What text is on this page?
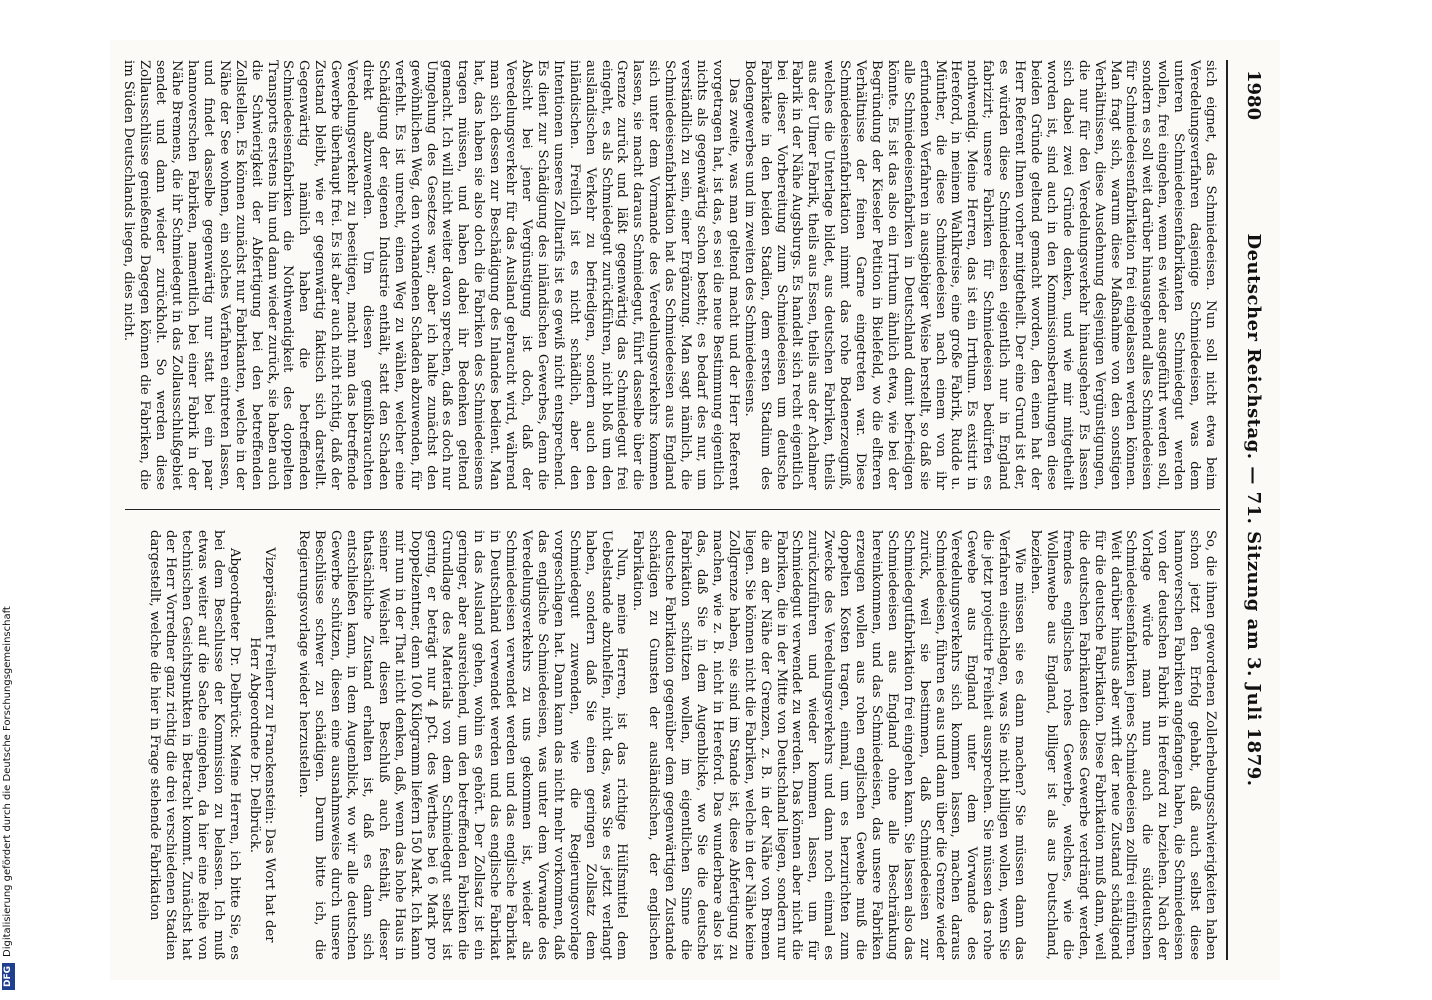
1980
Deutscher Reichstag. — 71. Sitzung am 3. Juli 1879.

sich eignet, das Schmiedeeisen. Nun soll nicht etwa beim Veredelungsverfahren dasjenige Schmiedeeisen, was dem unteren Schmiedeeisenfabrikanten Schmiedegut werden wollen, frei eingehen, wenn es wieder ausgeführt werden soll, sondern es soll weit darüber hinausgehend alles Schmiedeeisen für Schmiedeeisenfabrikation frei eingelassen werden können. Man fragt sich, warum diese Maßnahme von den sonstigen Verhältnissen, diese Ausdehnung desjenigen Vergünstigungen, die nur für den Veredelungsverkehr hinausgehen? Es lassen sich dabei zwei Gründe denken, und wie mir mitgetheilt worden ist, sind auch in den Kommissionsberathungen diese beiden Gründe geltend gemacht worden, den einen hat der Herr Referent Ihnen vorher mitgetheilt. Der eine Grund ist der, es würden diese Schmiedeeisen eigentlich nur in England fabrizirt; unsere Fabriken für Schmiedeeisen bedürfen es nothwendig. Meine Herren, das ist ein Irrthum. Es existirt in Hereford, in meinem Wahlkreise, eine große Fabrik, Rudde u. Münther, die diese Schmiedeeisen nach einem von ihr erfundenen Verfahren in ausgiebiger Weise herstellt, so daß sie alle Schmiedeeisenfabriken in Deutschland damit befriedigen könnte. Es ist das also ein Irrthum ähnlich etwa, wie bei der Begründung der Kieseler Petition in Bielefeld, wo die elfteren Verhältnisse der feinen Garne eingetreten war. Diese Schmiedeeisenfabrikation nimmt das rohe Bodenerzeugniß, welches die Unterlage bildet, aus deutschen Fabriken, theils aus der Ulmer Fabrik, theils aus Essen, theils aus der Achalmer Fabrik in der Nähe Augsburgs. Es handelt sich recht eigentlich bei dieser Vorbereitung zum Schmiedeeisen um deutsche Fabrikate in den beiden Stadien, dem ersten Stadium des Bodengewerbes und im zweiten des Schmiedeeisens.

Das zweite, was man geltend macht und der Herr Referent vorgetragen hat, ist das, es sei die neue Bestimmung eigentlich nichts als gegenwärtig schon besteht; es bedarf des nur, um verständlich zu sein, einer Ergänzung. Man sagt nämlich, die Schmiedeeisenfabrikation hat das Schmiedeeisen aus England sich unter dem Vormande des Veredelungsverkehrs kommen lassen, sie macht daraus Schmiedegut, führt dasselbe über die Grenze zurück und läßt gegenwärtig das Schmiedegut frei eingeht, es als Schmiedegut zurückführen, nicht bloß um den ausländischen Verkehr zu befriedigen, sondern auch den inländischen. Freilich ist es nicht schädlich, aber den Intentionen unseres Zolltarifs ist es gewiß nicht entsprechend. Es dient zur Schädigung des inländischen Gewerbes, denn die Absicht bei jener Vergünstigung ist doch, daß der Veredelungsverkehr für das Ausland gebraucht wird, während man sich dessen zur Beschädigung des Inlandes bedient. Man hat, das haben sie also doch die Fabriken des Schmiedeeisens tragen müssen, und haben dabei ihr Bedenken geltend gemacht. Ich will nicht weiter davon sprechen, daß es doch nur Umgehung des Gesetzes war; aber ich halte zunächst den gewöhnlichen Weg, den vorhandenen Schaden abzuwenden, für verfehlt. Es ist unrecht, einen Weg zu wählen, welcher eine Schädigung der eigenen Industrie enthält, statt den Schaden direkt abzuwenden. Um diesen gemißbrauchten Veredelungsverkehr zu beseitigen, macht man das betreffende Gewerbe überhaupt frei. Es ist aber auch nicht richtig, daß der Zustand bleibt, wie er gegenwärtig faktisch sich darstellt. Gegenwärtig nämlich haben die betreffenden Schmiedeeisenfabriken die Nothwendigkeit des doppelten Transports erstens hin und dann wieder zurück, sie haben auch die Schwierigkeit der Abfertigung bei den betreffenden Zollstellen. Es können zunächst nur Fabrikanten, welche in der Nähe der See wohnen, ein solches Verfahren eintreten lassen, und findet dasselbe gegenwärtig nur statt bei ein paar hannoverschen Fabriken, namentlich bei einer Fabrik in der Nähe Bremens, die ihr Schmiedegut in das Zollausschlußgebiet sendet und dann wieder zurückholt. So werden diese Zollausschlüsse genießende Dagegen können die Fabriken, die im Süden Deutschlands liegen, dies nicht.

So, die ihnen gewordenen Zollerhebungsschwierigkeiten haben schon jetzt den Erfolg gehabt, daß auch selbst diese hannoverschen Fabriken angefangen haben, die Schmiedeeisen von der deutschen Fabrik in Hereford zu beziehen. Nach der Vorlage würde man nun auch die süddeutschen Schmiedeeisenfabriken jenes Schmiedeeisen zollfrei einführen. Weit darüber hinaus aber wirft der neue Zustand schädigend für die deutsche Fabrikation. Diese Fabrikation muß dann, weil die deutschen Fabrikanten dieses Gewerbe verdrängt werden, fremdes englisches rohes Gewerbe, welches, wie die Wollenwebe aus England, billiger ist als aus Deutschland, beziehen.

Wie müssen sie es dann machen? Sie müssen dann das Verfahren einschlagen, was Sie nicht billigen wollen, wenn Sie die jetzt projectirte Freiheit aussprechen. Sie müssen das rohe Gewebe aus England unter dem Vorwande des Veredelungsverkehrs sich kommen lassen, machen daraus Schmiedeeisen, führen es aus und dann über die Grenze wieder zurück, weil sie bestimmen, daß Schmiedeeisen zur Schmiedegutfabrikation frei eingehen kann. Sie lassen also das Schmiedeeisen aus England ohne alle Beschränkung hereinkommen, und das Schmiedeeisen, das unsere Fabriken erzeugen wollen aus rohen englischen Gewebe muß die doppelten Kosten tragen, einmal, um es herzurichten zum Zwecke des Veredelungsverkehrs und dann noch einmal es zurückzuführen und wieder kommen lassen, um für Schmiedegut verwendet zu werden. Das können aber nicht die Fabriken, die in der Mitte von Deutschland liegen, sondern nur die an der Nähe der Grenzen, z. B. in der Nähe von Bremen liegen. Sie können nicht die Fabriken, welche in der Nähe keine Zollgrenze haben, sie sind im Stande ist, diese Abfertigung zu machen, wie z. B. nicht in Hereford. Das wunderbare also ist das, daß Sie in dem Augenblicke, wo Sie die deutsche Fabrikation schützen wollen, im eigentlichen Sinne die deutsche Fabrikation gegenüber dem gegenwärtigen Zustande schädigen zu Gunsten der ausländischen, der englischen Fabrikation.

Nun, meine Herren, ist das richtige Hülfsmittel dem Uebelstande abzuhelfen, nicht das, was Sie es jetzt verlangt haben, sondern daß Sie einen geringen Zollsatz dem Schmiedegut zuwenden, wie die Regierungsvorlage vorgeschlagen hat. Dann kann das nicht mehr vorkommen, daß das englische Schmiedeeisen, was unter dem Vorwande des Veredelungsverkehrs zu uns gekommen ist, wieder als Schmiedeeisen verwendet werden und das englische Fabrikat in Deutschland verwendet werden und das englische Fabrikat in das Ausland gehen, wohin es gehört. Der Zollsatz ist ein geringer, aber ausreichend, um den betreffenden Fabriken die Grundlage des Materials von dem Schmiedegut selbst ist gering, er beträgt nur 4 pCt. des Werthes bei 6 Mark pro Doppelzentner, denn 100 Kilogramm liefern 150 Mark. Ich kann mir nun in der That nicht denken, daß, wenn das hohe Haus in seiner Weisheit diesen Beschluß auch festhält, dieser thatsächliche Zustand erhalten ist, daß es dann sich entschließen kann, in dem Augenblick, wo wir alle deutschen Gewerbe schützen, diesen eine ausnahmsweise durch unsere Beschlüsse schwer zu schädigen. Darum bitte ich, die Regierungsvorlage wieder herzustellen.

Vizepräsident Freiherr zu Franckenstein: Das Wort hat der Herr Abgeordnete Dr. Delbrück.

Abgeordneter Dr. Delbrück: Meine Herren, ich bitte Sie, es bei dem Beschlusse der Kommission zu belassen. Ich muß etwas weiter auf die Sache eingehen, da hier eine Reihe von technischen Gesichtspunkten in Betracht kommt. Zunächst hat der Herr Vorredner ganz richtig die drei verschiedenen Stadien dargestellt, welche die hier in Frage stehende Fabrikation

DFGDigitalisierung gefördert durch die Deutsche Forschungsgemeinschaft
